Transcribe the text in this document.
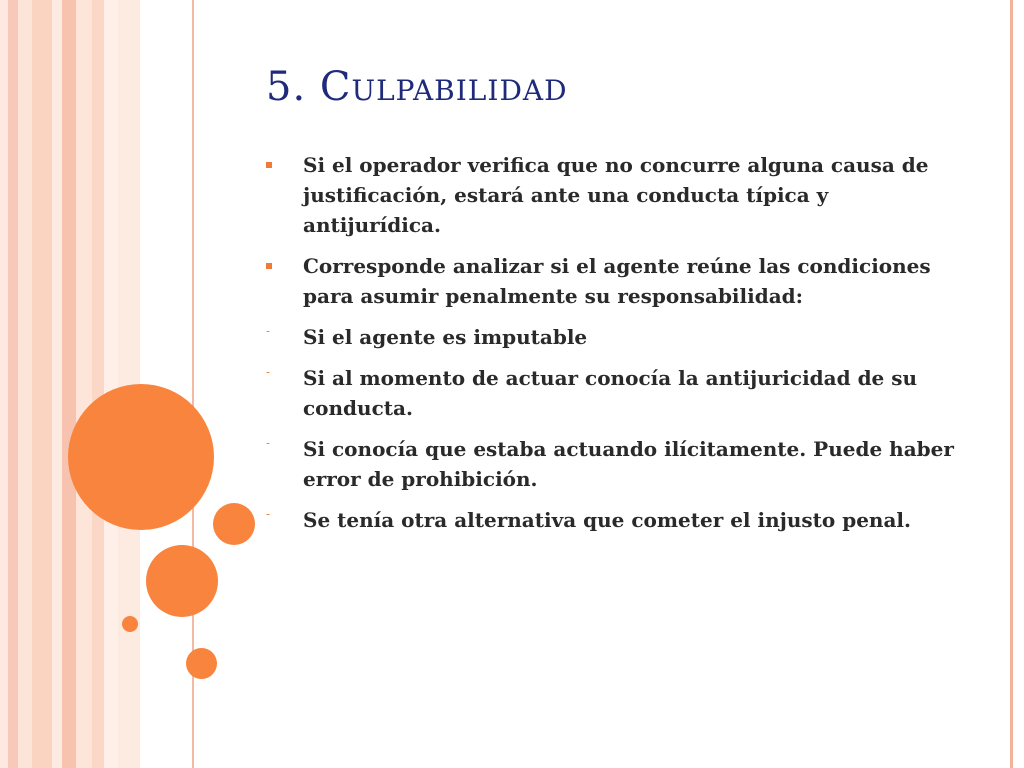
5. Culpabilidad
Si el operador verifica que no concurre alguna causa de justificación, estará ante una conducta típica y antijurídica.
Corresponde analizar si el agente reúne las condiciones para asumir penalmente su responsabilidad:
- Si el agente es imputable
- Si al momento de actuar conocía la antijuricidad de su conducta.
- Si conocía que estaba actuando ilícitamente. Puede haber error de prohibición.
- Se tenía otra alternativa que cometer el injusto penal.
